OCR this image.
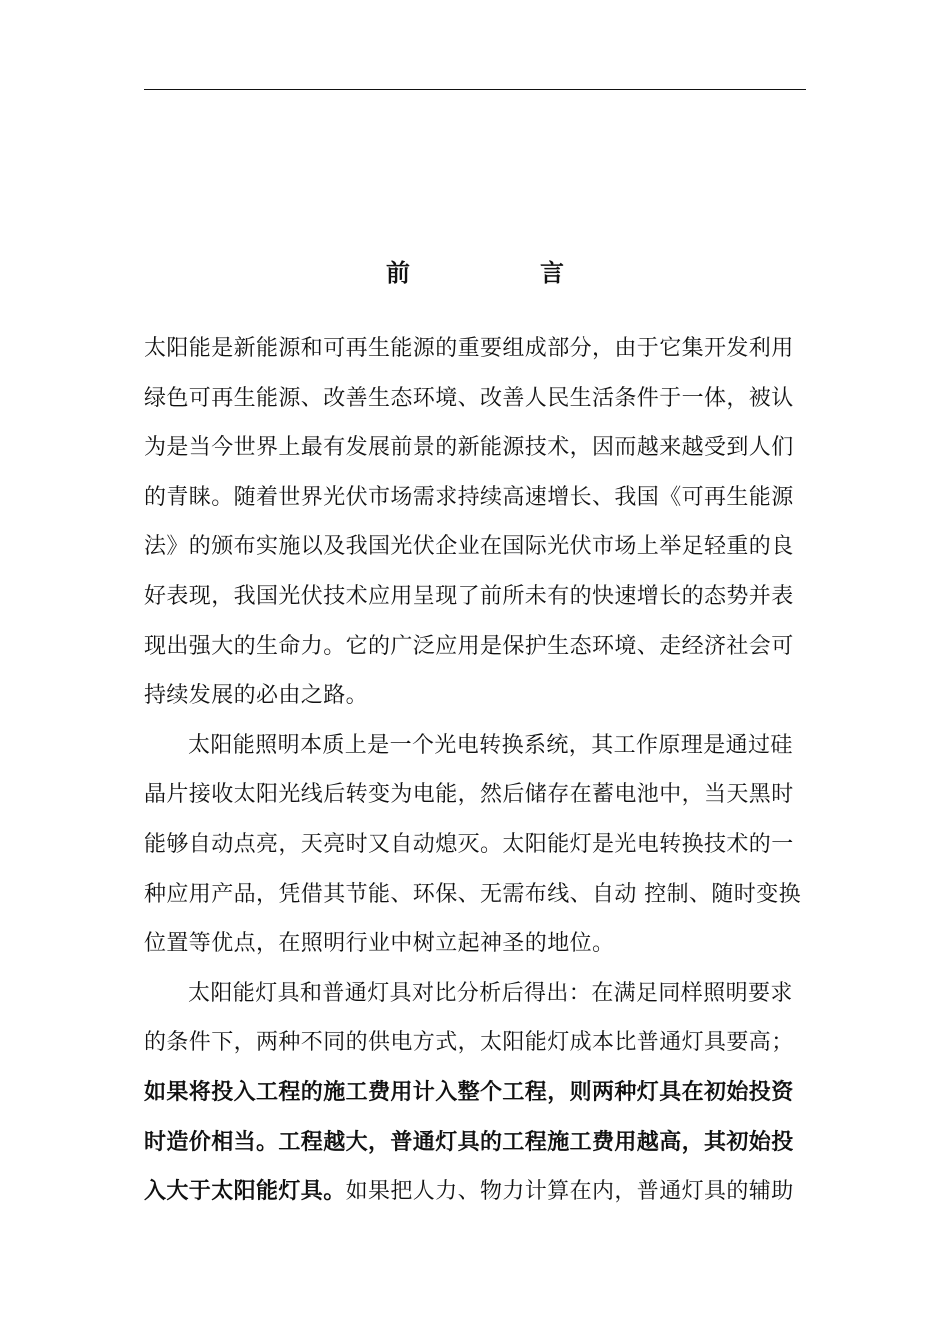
前	言
太阳能是新能源和可再生能源的重要组成部分，由于它集开发利用
绿色可再生能源、改善生态环境、改善人民生活条件于一体，被认
为是当今世界上最有发展前景的新能源技术，因而越来越受到人们
的青睐。随着世界光伏市场需求持续高速增长、我国《可再生能源
法》的颁布实施以及我国光伏企业在国际光伏市场上举足轻重的良
好表现，我国光伏技术应用呈现了前所未有的快速增长的态势并表
现出强大的生命力。它的广泛应用是保护生态环境、走经济社会可
持续发展的必由之路。
太阳能照明本质上是一个光电转换系统，其工作原理是通过硅
晶片接收太阳光线后转变为电能，然后储存在蓄电池中，当天黑时
能够自动点亮，天亮时又自动熄灭。太阳能灯是光电转换技术的一
种应用产品，凭借其节能、环保、无需布线、自动 控制、随时变换
位置等优点，在照明行业中树立起神圣的地位。
太阳能灯具和普通灯具对比分析后得出：在满足同样照明要求
的条件下，两种不同的供电方式，太阳能灯成本比普通灯具要高；
如果将投入工程的施工费用计入整个工程，则两种灯具在初始投资
时造价相当。工程越大，普通灯具的工程施工费用越高，其初始投
入大于太阳能灯具。如果把人力、物力计算在内，普通灯具的辅助
